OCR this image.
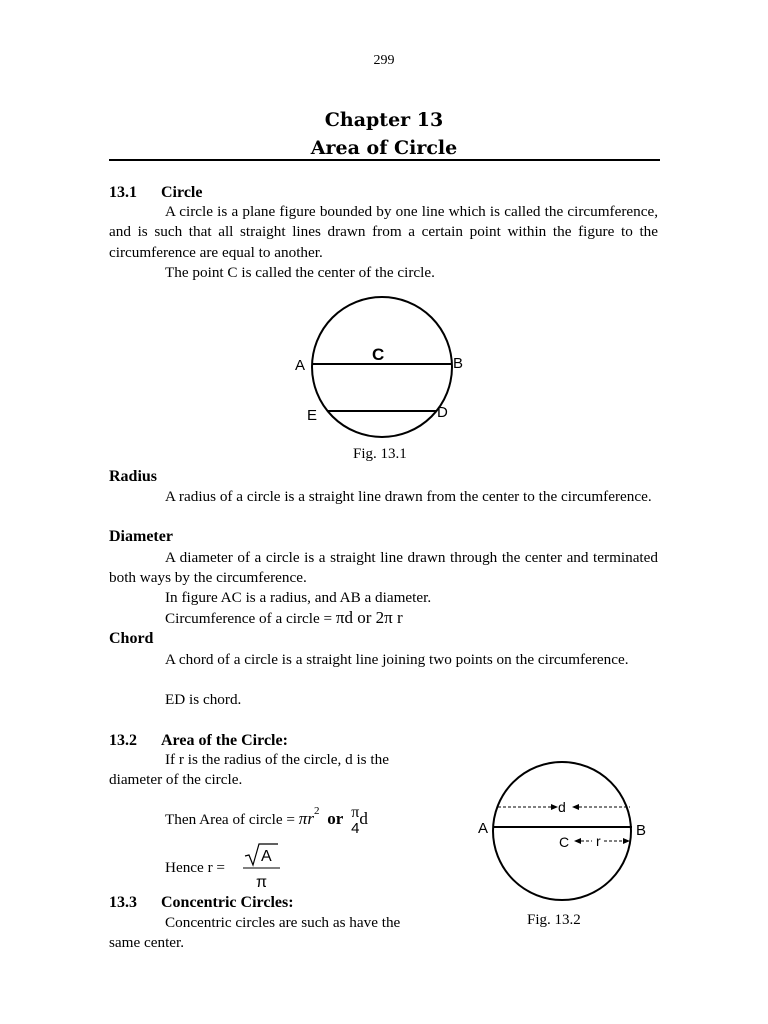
299
Chapter 13
Area of Circle
13.1 Circle
A circle is a plane figure bounded by one line which is called the circumference, and is such that all straight lines drawn from a certain point within the figure to the circumference are equal to another.
The point C is called the center of the circle.
A	B
C
E	D
Fig. 13.1
Radius
A radius of a circle is a straight line drawn from the center to the circumference.
Diameter
A diameter of a circle is a straight line drawn through the center and terminated both ways by the circumference.
In figure AC is a radius, and AB a diameter.
Circumference of a circle = πd or 2π r
Chord
A chord of a circle is a straight line joining two points on the circumference.
ED is chord.
13.2 Area of the Circle:
If r is the radius of the circle, d is the
diameter of the circle.
Then Area of circle = $\pi r^2$ or π
4
d
Hence r =
A
π
d
A	B
C r
Fig. 13.2
13.3 Concentric Circles:
Concentric circles are such as have the
same center.
